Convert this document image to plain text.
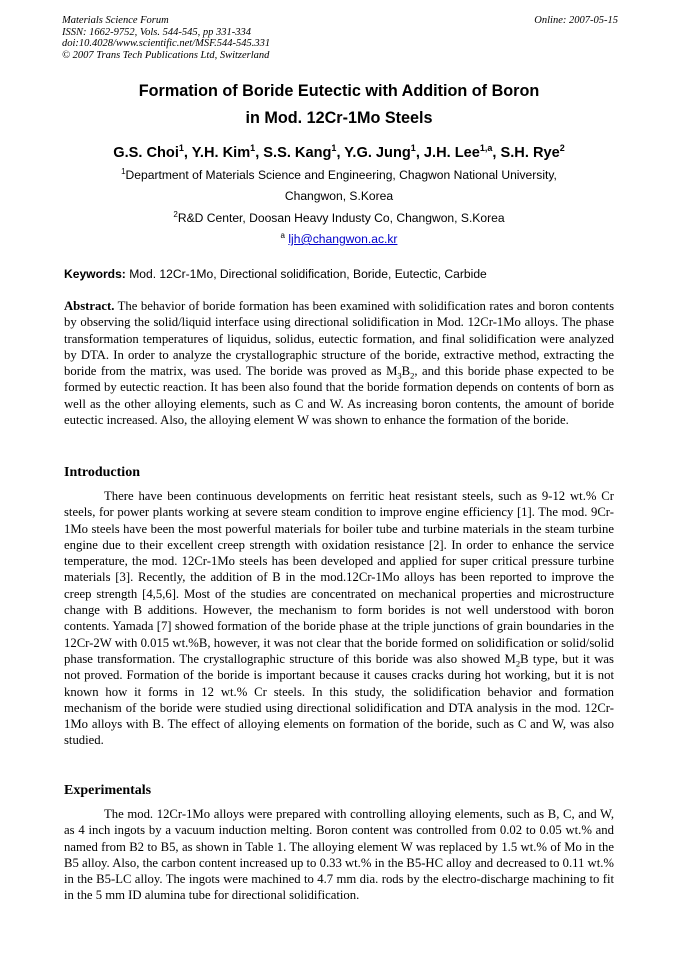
Materials Science Forum
ISSN: 1662-9752, Vols. 544-545, pp 331-334
doi:10.4028/www.scientific.net/MSF.544-545.331
© 2007 Trans Tech Publications Ltd, Switzerland
Online: 2007-05-15
Formation of Boride Eutectic with Addition of Boron
in Mod. 12Cr-1Mo Steels
G.S. Choi$^1$, Y.H. Kim$^1$, S.S. Kang$^1$, Y.G. Jung$^1$, J.H. Lee$^{1,a}$, S.H. Rye$^2$
$^1$Department of Materials Science and Engineering, Chagwon National University,
Changwon, S.Korea
$^2$R&D Center, Doosan Heavy Industy Co, Changwon, S.Korea
$^a$ ljh@changwon.ac.kr
Keywords: Mod. 12Cr-1Mo, Directional solidification, Boride, Eutectic, Carbide
Abstract. The behavior of boride formation has been examined with solidification rates and boron contents by observing the solid/liquid interface using directional solidification in Mod. 12Cr-1Mo alloys. The phase transformation temperatures of liquidus, solidus, eutectic formation, and final solidification were analyzed by DTA. In order to analyze the crystallographic structure of the boride, extractive method, extracting the boride from the matrix, was used. The boride was proved as $M_3B_2$, and this boride phase expected to be formed by eutectic reaction. It has been also found that the boride formation depends on contents of born as well as the other alloying elements, such as C and W. As increasing boron contents, the amount of boride eutectic increased. Also, the alloying element W was shown to enhance the formation of the boride.
Introduction
There have been continuous developments on ferritic heat resistant steels, such as 9-12 wt.% Cr steels, for power plants working at severe steam condition to improve engine efficiency [1]. The mod. 9Cr-1Mo steels have been the most powerful materials for boiler tube and turbine materials in the steam turbine engine due to their excellent creep strength with oxidation resistance [2]. In order to enhance the service temperature, the mod. 12Cr-1Mo steels has been developed and applied for super critical pressure turbine materials [3]. Recently, the addition of B in the mod.12Cr-1Mo alloys has been reported to improve the creep strength [4,5,6]. Most of the studies are concentrated on mechanical properties and microstructure change with B additions. However, the mechanism to form borides is not well understood with boron contents. Yamada [7] showed formation of the boride phase at the triple junctions of grain boundaries in the 12Cr-2W with 0.015 wt.%B, however, it was not clear that the boride formed on solidification or solid/solid phase transformation. The crystallographic structure of this boride was also showed $M_2B$ type, but it was not proved. Formation of the boride is important because it causes cracks during hot working, but it is not known how it forms in 12 wt.% Cr steels. In this study, the solidification behavior and formation mechanism of the boride were studied using directional solidification and DTA analysis in the mod. 12Cr-1Mo alloys with B. The effect of alloying elements on formation of the boride, such as C and W, was also studied.
Experimentals
The mod. 12Cr-1Mo alloys were prepared with controlling alloying elements, such as B, C, and W, as 4 inch ingots by a vacuum induction melting. Boron content was controlled from 0.02 to 0.05 wt.% and named from B2 to B5, as shown in Table 1. The alloying element W was replaced by 1.5 wt.% of Mo in the B5 alloy. Also, the carbon content increased up to 0.33 wt.% in the B5-HC alloy and decreased to 0.11 wt.% in the B5-LC alloy. The ingots were machined to 4.7 mm dia. rods by the electro-discharge machining to fit in the 5 mm ID alumina tube for directional solidification.
